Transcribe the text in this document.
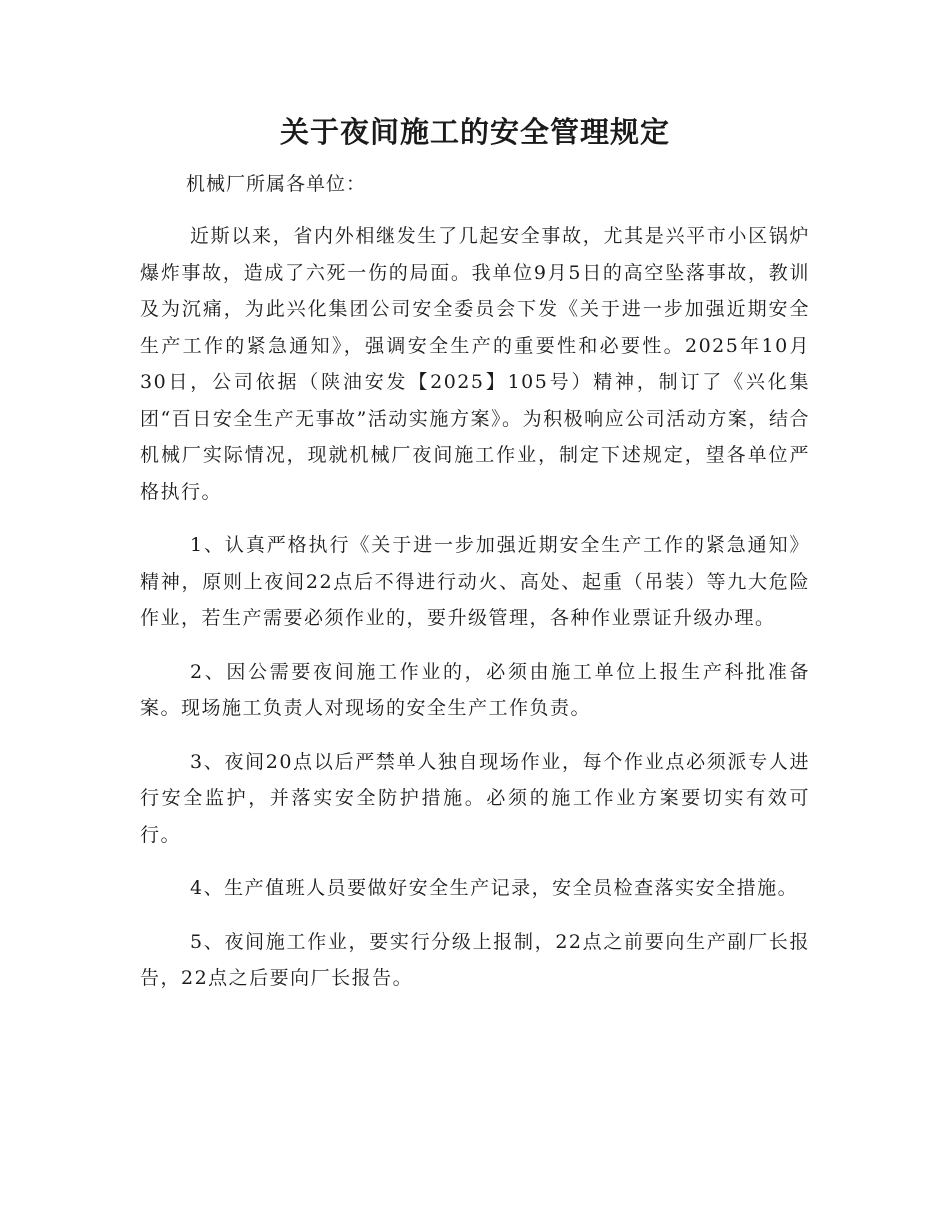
关于夜间施工的安全管理规定

机械厂所属各单位：

近斯以来，省内外相继发生了几起安全事故，尤其是兴平市小区锅炉爆炸事故，造成了六死一伤的局面。我单位9月5日的高空坠落事故，教训及为沉痛，为此兴化集团公司安全委员会下发《关于进一步加强近期安全生产工作的紧急通知》，强调安全生产的重要性和必要性。2025年10月30日，公司依据（陕油安发【2025】105号）精神，制订了《兴化集团“百日安全生产无事故”活动实施方案》。为积极响应公司活动方案，结合机械厂实际情况，现就机械厂夜间施工作业，制定下述规定，望各单位严格执行。

1、认真严格执行《关于进一步加强近期安全生产工作的紧急通知》精神，原则上夜间22点后不得进行动火、高处、起重（吊装）等九大危险作业，若生产需要必须作业的，要升级管理，各种作业票证升级办理。

2、因公需要夜间施工作业的，必须由施工单位上报生产科批准备案。现场施工负责人对现场的安全生产工作负责。

3、夜间20点以后严禁单人独自现场作业，每个作业点必须派专人进行安全监护，并落实安全防护措施。必须的施工作业方案要切实有效可行。

4、生产值班人员要做好安全生产记录，安全员检查落实安全措施。

5、夜间施工作业，要实行分级上报制，22点之前要向生产副厂长报告，22点之后要向厂长报告。
